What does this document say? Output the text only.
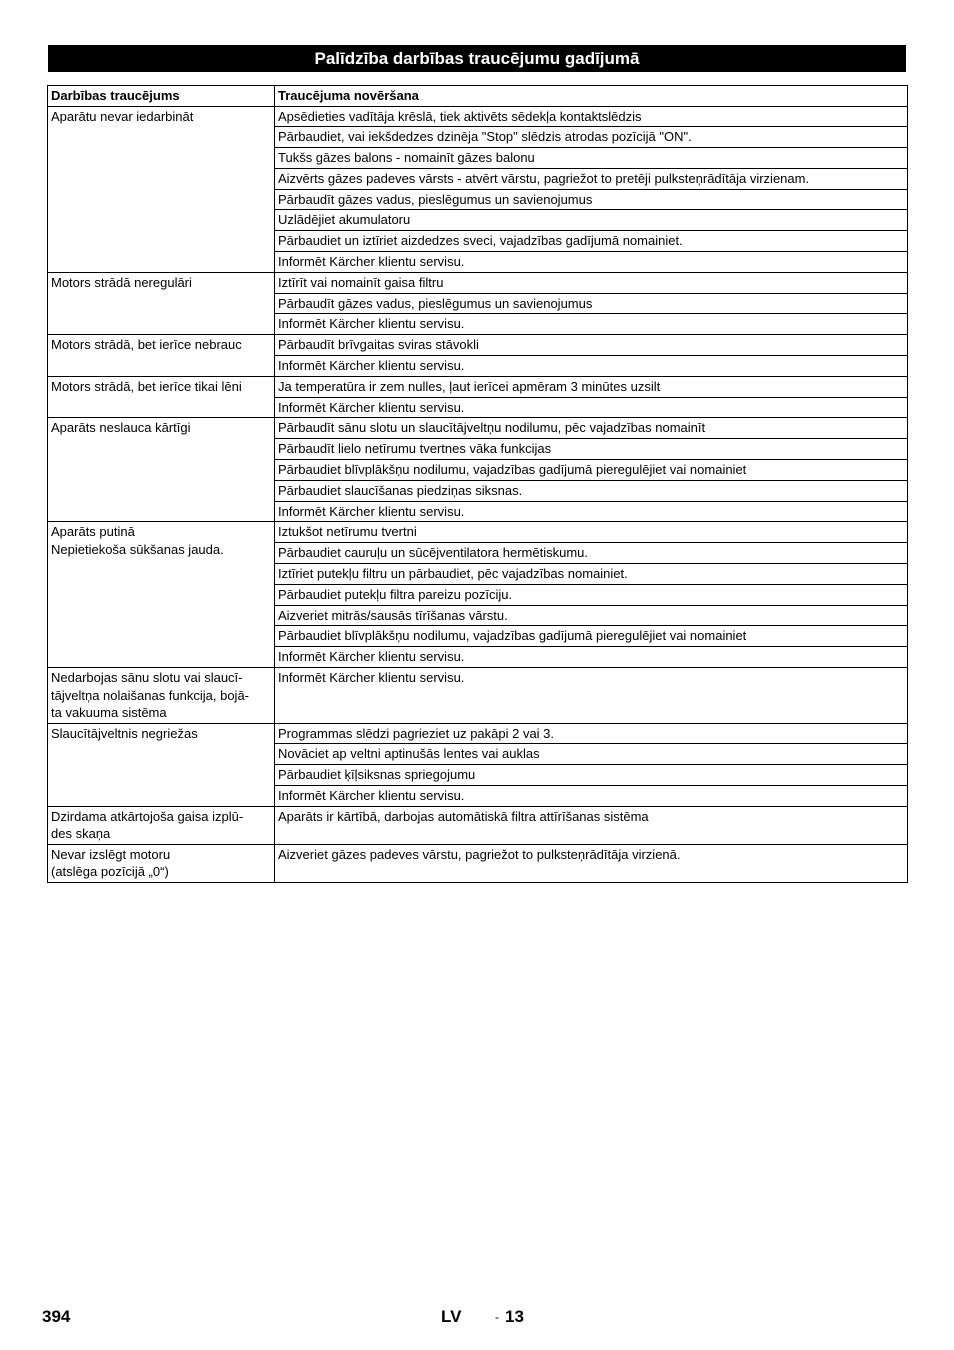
Palīdzība darbības traucējumu gadījumā
Darbības traucējums	Traucējuma novēršana
Aparātu nevar iedarbināt	Apsēdieties vadītāja krēslā, tiek aktivēts sēdekļa kontaktslēdzis
	Pārbaudiet, vai iekšdedzes dzinēja "Stop" slēdzis atrodas pozīcijā "ON".
	Tukšs gāzes balons - nomainīt gāzes balonu
	Aizvērts gāzes padeves vārsts - atvērt vārstu, pagriežot to pretēji pulksteņrādītāja virzienam.
	Pārbaudīt gāzes vadus, pieslēgumus un savienojumus
	Uzlādējiet akumulatoru
	Pārbaudiet un iztīriet aizdedzes sveci, vajadzības gadījumā nomainiet.
	Informēt Kärcher klientu servisu.
Motors strādā neregulāri	Iztīrīt vai nomainīt gaisa filtru
	Pārbaudīt gāzes vadus, pieslēgumus un savienojumus
	Informēt Kärcher klientu servisu.
Motors strādā, bet ierīce nebrauc	Pārbaudīt brīvgaitas sviras stāvokli
	Informēt Kärcher klientu servisu.
Motors strādā, bet ierīce tikai lēni	Ja temperatūra ir zem nulles, ļaut ierīcei apmēram 3 minūtes uzsilt
	Informēt Kärcher klientu servisu.
Aparāts neslauca kārtīgi	Pārbaudīt sānu slotu un slaucītājveltņu nodilumu, pēc vajadzības nomainīt
	Pārbaudīt lielo netīrumu tvertnes vāka funkcijas
	Pārbaudiet blīvplākšņu nodilumu, vajadzības gadījumā pieregulējiet vai nomainiet
	Pārbaudiet slaucīšanas piedziņas siksnas.
	Informēt Kärcher klientu servisu.
Aparāts putinā
Nepietiekoša sūkšanas jauda.	Iztukšot netīrumu tvertni
	Pārbaudiet cauruļu un sūcējventilatora hermētiskumu.
	Iztīriet putekļu filtru un pārbaudiet, pēc vajadzības nomainiet.
	Pārbaudiet putekļu filtra pareizu pozīciju.
	Aizveriet mitrās/sausās tīrīšanas vārstu.
	Pārbaudiet blīvplākšņu nodilumu, vajadzības gadījumā pieregulējiet vai nomainiet
	Informēt Kärcher klientu servisu.
Nedarbojas sānu slotu vai slaucī-
tājveltņa nolaišanas funkcija, bojā-
ta vakuuma sistēma	Informēt Kärcher klientu servisu.
Slaucītājveltnis negriežas	Programmas slēdzi pagrieziet uz pakāpi 2 vai 3.
	Novāciet ap veltni aptinušās lentes vai auklas
	Pārbaudiet ķīļsiksnas spriegojumu
	Informēt Kärcher klientu servisu.
Dzirdama atkārtojoša gaisa izplū-
des skaņa	Aparāts ir kārtībā, darbojas automātiskā filtra attīrīšanas sistēma
Nevar izslēgt motoru
(atslēga pozīcijā „0“)	Aizveriet gāzes padeves vārstu, pagriežot to pulksteņrādītāja virzienā.
394	LV	- 13
